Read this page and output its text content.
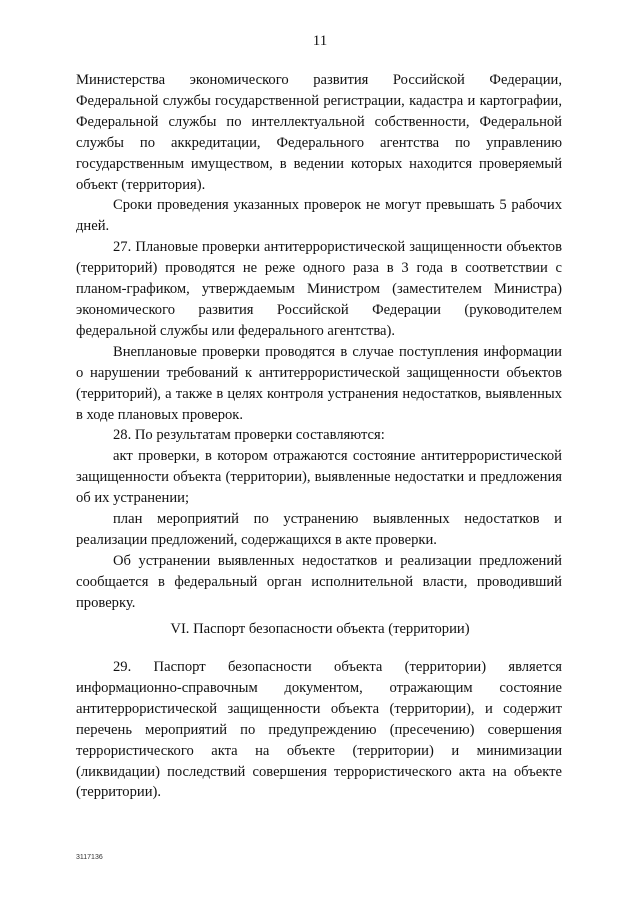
11

Министерства экономического развития Российской Федерации, Федеральной службы государственной регистрации, кадастра и картографии, Федеральной службы по интеллектуальной собственности, Федеральной службы по аккредитации, Федерального агентства по управлению государственным имуществом, в ведении которых находится проверяемый объект (территория).

Сроки проведения указанных проверок не могут превышать 5 рабочих дней.

27. Плановые проверки антитеррористической защищенности объектов (территорий) проводятся не реже одного раза в 3 года в соответствии с планом-графиком, утверждаемым Министром (заместителем Министра) экономического развития Российской Федерации (руководителем федеральной службы или федерального агентства).

Внеплановые проверки проводятся в случае поступления информации о нарушении требований к антитеррористической защищенности объектов (территорий), а также в целях контроля устранения недостатков, выявленных в ходе плановых проверок.

28. По результатам проверки составляются:

акт проверки, в котором отражаются состояние антитеррористической защищенности объекта (территории), выявленные недостатки и предложения об их устранении;

план мероприятий по устранению выявленных недостатков и реализации предложений, содержащихся в акте проверки.

Об устранении выявленных недостатков и реализации предложений сообщается в федеральный орган исполнительной власти, проводивший проверку.

VI. Паспорт безопасности объекта (территории)

29. Паспорт безопасности объекта (территории) является информационно-справочным документом, отражающим состояние антитеррористической защищенности объекта (территории), и содержит перечень мероприятий по предупреждению (пресечению) совершения террористического акта на объекте (территории) и минимизации (ликвидации) последствий совершения террористического акта на объекте (территории).

3117136
